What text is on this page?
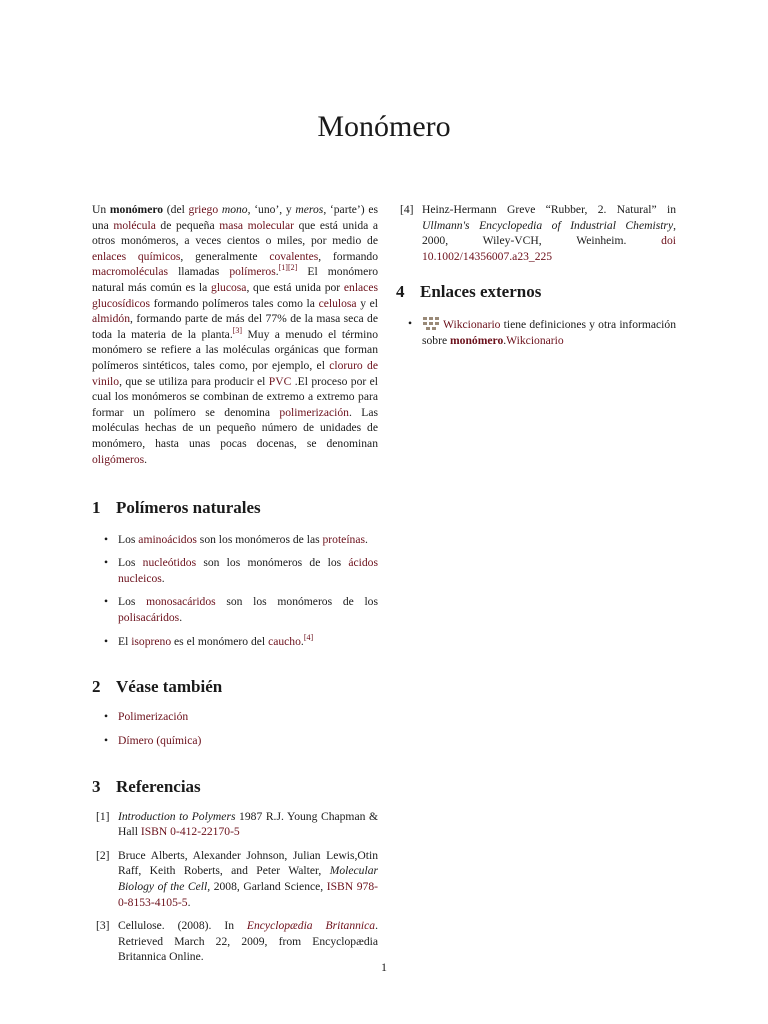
Monómero

Un monómero (del griego mono, ‘uno’, y meros, ‘parte’) es una molécula de pequeña masa molecular que está unida a otros monómeros, a veces cientos o miles, por medio de enlaces químicos, generalmente covalentes, formando macromoléculas llamadas polímeros.[1][2] El monómero natural más común es la glucosa, que está unida por enlaces glucosídicos formando polímeros tales como la celulosa y el almidón, formando parte de más del 77% de la masa seca de toda la materia de la planta.[3] Muy a menudo el término monómero se refiere a las moléculas orgánicas que forman polímeros sintéticos, tales como, por ejemplo, el cloruro de vinilo, que se utiliza para producir el PVC .El proceso por el cual los monómeros se combinan de extremo a extremo para formar un polímero se denomina polimerización. Las moléculas hechas de un pequeño número de unidades de monómero, hasta unas pocas docenas, se denominan oligómeros.

1 Polímeros naturales
• Los aminoácidos son los monómeros de las proteínas.
• Los nucleótidos son los monómeros de los ácidos nucleicos.
• Los monosacáridos son los monómeros de los polisacáridos.
• El isopreno es el monómero del caucho.[4]
2 Véase también
• Polimerización
• Dímero (química)
3 Referencias
[1] Introduction to Polymers 1987 R.J. Young Chapman & Hall ISBN 0-412-22170-5
[2] Bruce Alberts, Alexander Johnson, Julian Lewis,Otin Raff, Keith Roberts, and Peter Walter, Molecular Biology of the Cell, 2008, Garland Science, ISBN 978-0-8153-4105-5.
[3] Cellulose. (2008). In Encyclopædia Britannica. Retrieved March 22, 2009, from Encyclopædia Britannica Online.
[4] Heinz-Hermann Greve “Rubber, 2. Natural” in Ullmann's Encyclopedia of Industrial Chemistry, 2000, Wiley-VCH, Weinheim. doi 10.1002/14356007.a23_225
4 Enlaces externos
• Wikcionario tiene definiciones y otra información sobre monómero.Wikcionario
1
